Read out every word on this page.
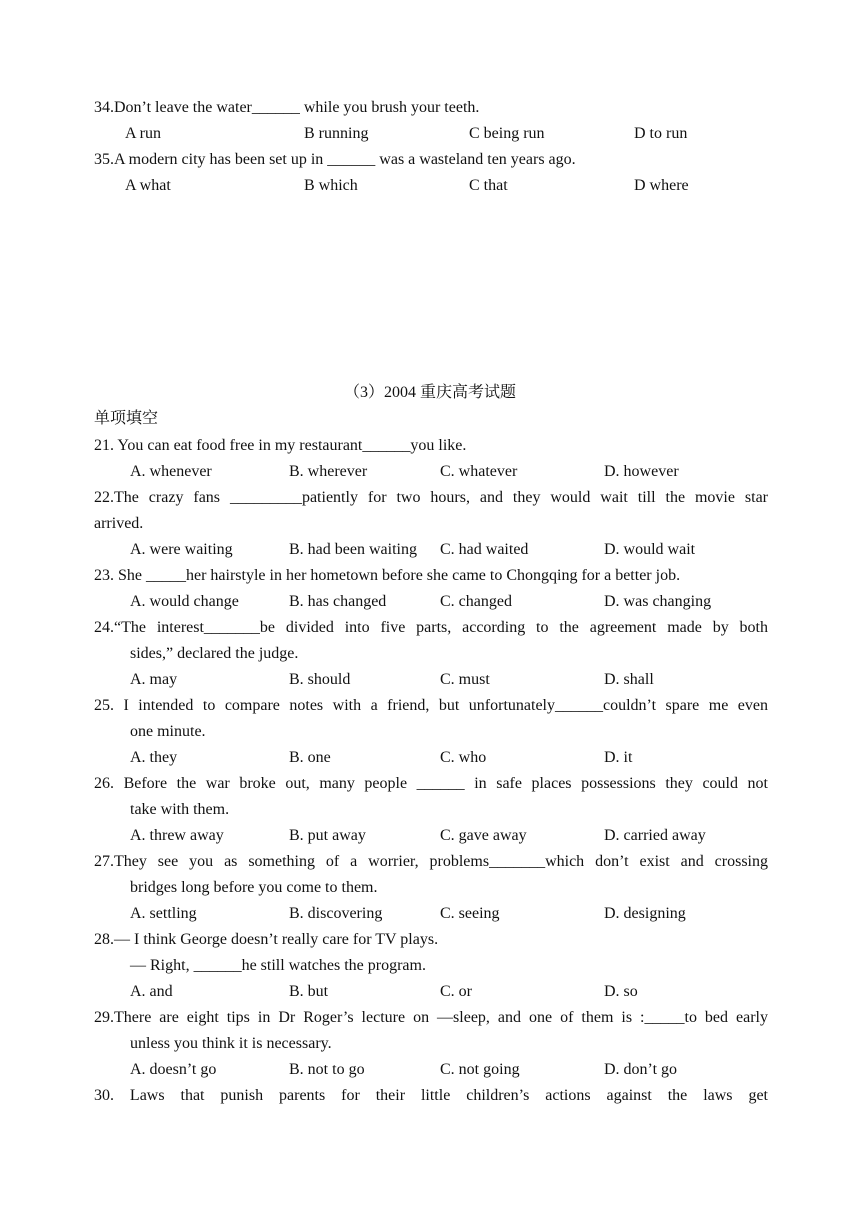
34.Don’t leave the water______ while you brush your teeth.
A run	B running	C being run	D to run
35.A modern city has been set up in ______ was a wasteland ten years ago.
A what	B which	C that	D where
（3）2004 重庆高考试题
单项填空
21. You can eat food free in my restaurant______you like.
A. whenever	B. wherever	C. whatever	D. however
22.The crazy fans _________patiently for two hours, and they would wait till the movie star
arrived.
A. were waiting	B. had been waiting C. had waited	D. would wait
23. She _____her hairstyle in her hometown before she came to Chongqing for a better job.
A. would change	B. has changed	C. changed	D. was changing
24.“The interest_______be divided into five parts, according to the agreement made by both
sides,” declared the judge.
A. may	B. should	C. must	D. shall
25. I intended to compare notes with a friend, but unfortunately______couldn’t spare me even
one minute.
A. they	B. one	C. who	D. it
26. Before the war broke out, many people ______ in safe places possessions they could not
take with them.
A. threw away	B. put away	C. gave away	D. carried away
27.They see you as something of a worrier, problems_______which don’t exist and crossing
bridges long before you come to them.
A. settling	B. discovering	C. seeing	D. designing
28.— I think George doesn’t really care for TV plays.
— Right, ______he still watches the program.
A. and	B. but	C. or	D. so
29.There are eight tips in Dr Roger’s lecture on —sleep, and one of them is :_____to bed early
unless you think it is necessary.
A. doesn’t go	B. not to go	C. not going	D. don’t go
30. Laws that punish parents for their little children’s actions against the laws get
